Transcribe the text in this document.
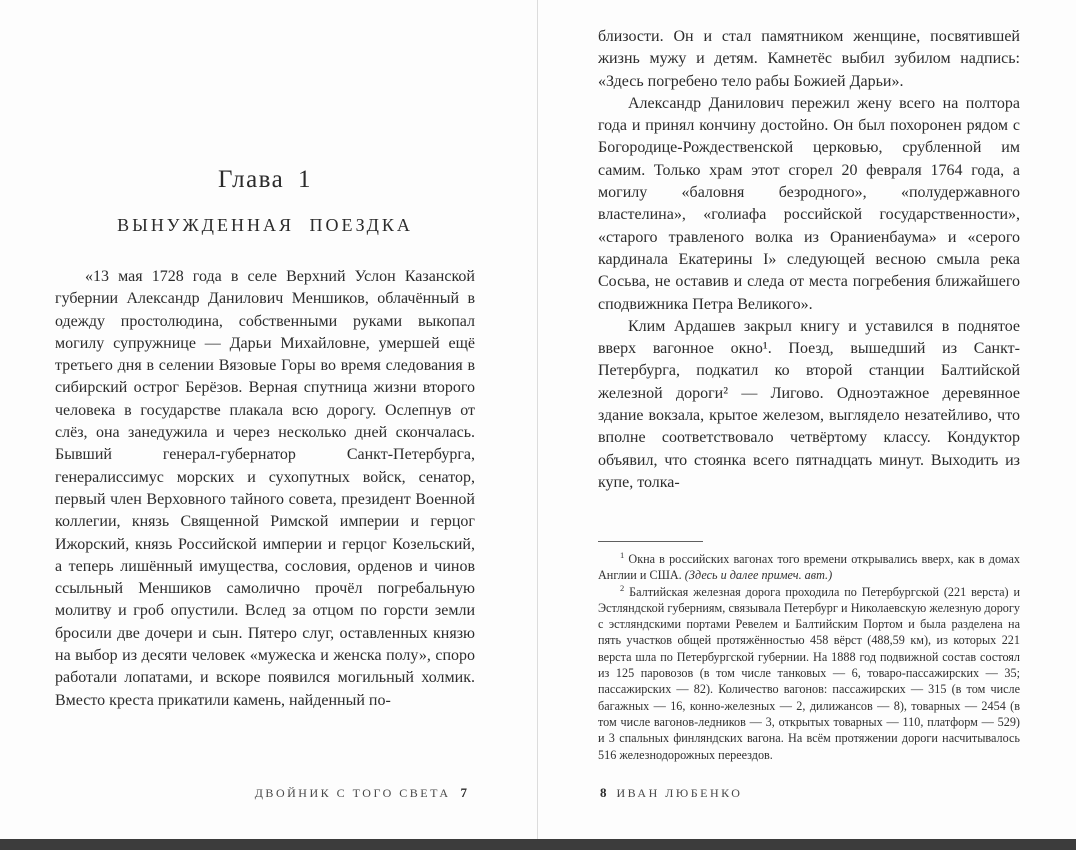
Глава 1
ВЫНУЖДЕННАЯ ПОЕЗДКА

«13 мая 1728 года в селе Верхний Услон Казанской губернии Александр Данилович Меншиков, облачённый в одежду простолюдина, собственными руками выкопал могилу супружнице — Дарьи Михайловне, умершей ещё третьего дня в селении Вязовые Горы во время следования в сибирский острог Берёзов. Верная спутница жизни второго человека в государстве плакала всю дорогу. Ослепнув от слёз, она занедужила и через несколько дней скончалась. Бывший генерал-губернатор Санкт-Петербурга, генералиссимус морских и сухопутных войск, сенатор, первый член Верховного тайного совета, президент Военной коллегии, князь Священной Римской империи и герцог Ижорский, князь Российской империи и герцог Козельский, а теперь лишённый имущества, сословия, орденов и чинов ссыльный Меншиков самолично прочёл погребальную молитву и гроб опустили. Вслед за отцом по горсти земли бросили две дочери и сын. Пятеро слуг, оставленных князю на выбор из десяти человек «мужеска и женска полу», споро работали лопатами, и вскоре появился могильный холмик. Вместо креста прикатили камень, найденный по-

ДВОЙНИК С ТОГО СВЕТА 7

близости. Он и стал памятником женщине, посвятившей жизнь мужу и детям. Камнетёс выбил зубилом надпись: «Здесь погребено тело рабы Божией Дарьи».

Александр Данилович пережил жену всего на полтора года и принял кончину достойно. Он был похоронен рядом с Богородице-Рождественской церковью, срубленной им самим. Только храм этот сгорел 20 февраля 1764 года, а могилу «баловня безродного», «полудержавного властелина», «голиафа российской государственности», «старого травленого волка из Ораниенбаума» и «серого кардинала Екатерины I» следующей весною смыла река Сосьва, не оставив и следа от места погребения ближайшего сподвижника Петра Великого».

Клим Ардашев закрыл книгу и уставился в поднятое вверх вагонное окно¹. Поезд, вышедший из Санкт-Петербурга, подкатил ко второй станции Балтийской железной дороги² — Лигово. Одноэтажное деревянное здание вокзала, крытое железом, выглядело незатейливо, что вполне соответствовало четвёртому классу. Кондуктор объявил, что стоянка всего пятнадцать минут. Выходить из купе, толка-

$^1$ Окна в российских вагонах того времени открывались вверх, как в домах Англии и США. (Здесь и далее примеч. авт.)

$^2$ Балтийская железная дорога проходила по Петербургской (221 верста) и Эстляндской губерниям, связывала Петербург и Николаевскую железную дорогу с эстляндскими портами Ревелем и Балтийским Портом и была разделена на пять участков общей протяжённостью 458 вёрст (488,59 км), из которых 221 верста шла по Петербургской губернии. На 1888 год подвижной состав состоял из 125 паровозов (в том числе танковых — 6, товаро-пассажирских — 35; пассажирских — 82). Количество вагонов: пассажирских — 315 (в том числе багажных — 16, конно-железных — 2, дилижансов — 8), товарных — 2454 (в том числе вагонов-ледников — 3, открытых товарных — 110, платформ — 529) и 3 спальных финляндских вагона. На всём протяжении дороги насчитывалось 516 железнодорожных переездов.

8 ИВАН ЛЮБЕНКО
